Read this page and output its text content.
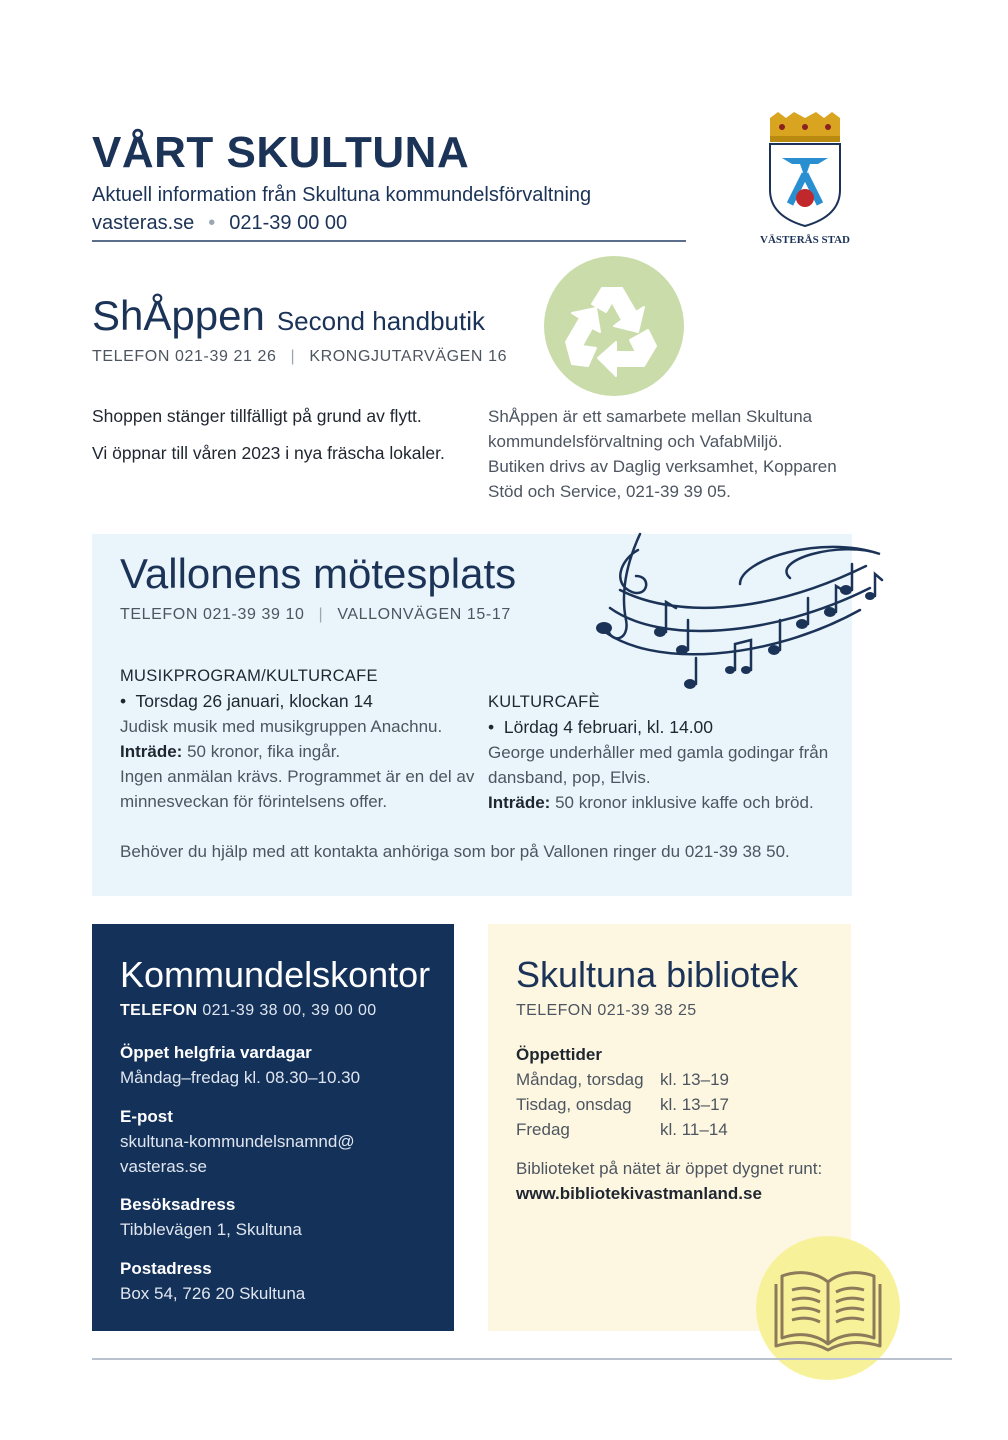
VÅRT SKULTUNA
Aktuell information från Skultuna kommundelsförvaltning
vasteras.se • 021-39 00 00
VÄSTERÅS STAD
ShÅppen Second handbutik
TELEFON 021-39 21 26 | KRONGJUTARVÄGEN 16

Shoppen stänger tillfälligt på grund av flytt.

Vi öppnar till våren 2023 i nya fräscha lokaler.

ShÅppen är ett samarbete mellan Skultuna kommundelsförvaltning och VafabMiljö. Butiken drivs av Daglig verksamhet, Kopparen Stöd och Service, 021-39 39 05.
Vallonens mötesplats
TELEFON 021-39 39 10 | VALLONVÄGEN 15-17
MUSIKPROGRAM/KULTURCAFE
•  Torsdag 26 januari, klockan 14
Judisk musik med musikgruppen Anachnu.
Inträde: 50 kronor, fika ingår.
Ingen anmälan krävs. Programmet är en del av minnesveckan för förintelsens offer.
KULTURCAFÈ
•  Lördag 4 februari, kl. 14.00
George underhåller med gamla godingar från dansband, pop, Elvis.
Inträde: 50 kronor inklusive kaffe och bröd.
Behöver du hjälp med att kontakta anhöriga som bor på Vallonen ringer du 021-39 38 50.
Kommundelskontor
TELEFON 021-39 38 00, 39 00 00
Öppet helgfria vardagar
Måndag–fredag kl. 08.30–10.30
E-post
skultuna-kommundelsnamnd@
vasteras.se
Besöksadress
Tibblevägen 1, Skultuna
Postadress
Box 54, 726 20 Skultuna
Skultuna bibliotek
TELEFON 021-39 38 25
Öppettider
Måndag, torsdag	kl. 13–19
Tisdag, onsdag	kl. 13–17
Fredag	kl. 11–14
Biblioteket på nätet är öppet dygnet runt: www.bibliotekivastmanland.se
